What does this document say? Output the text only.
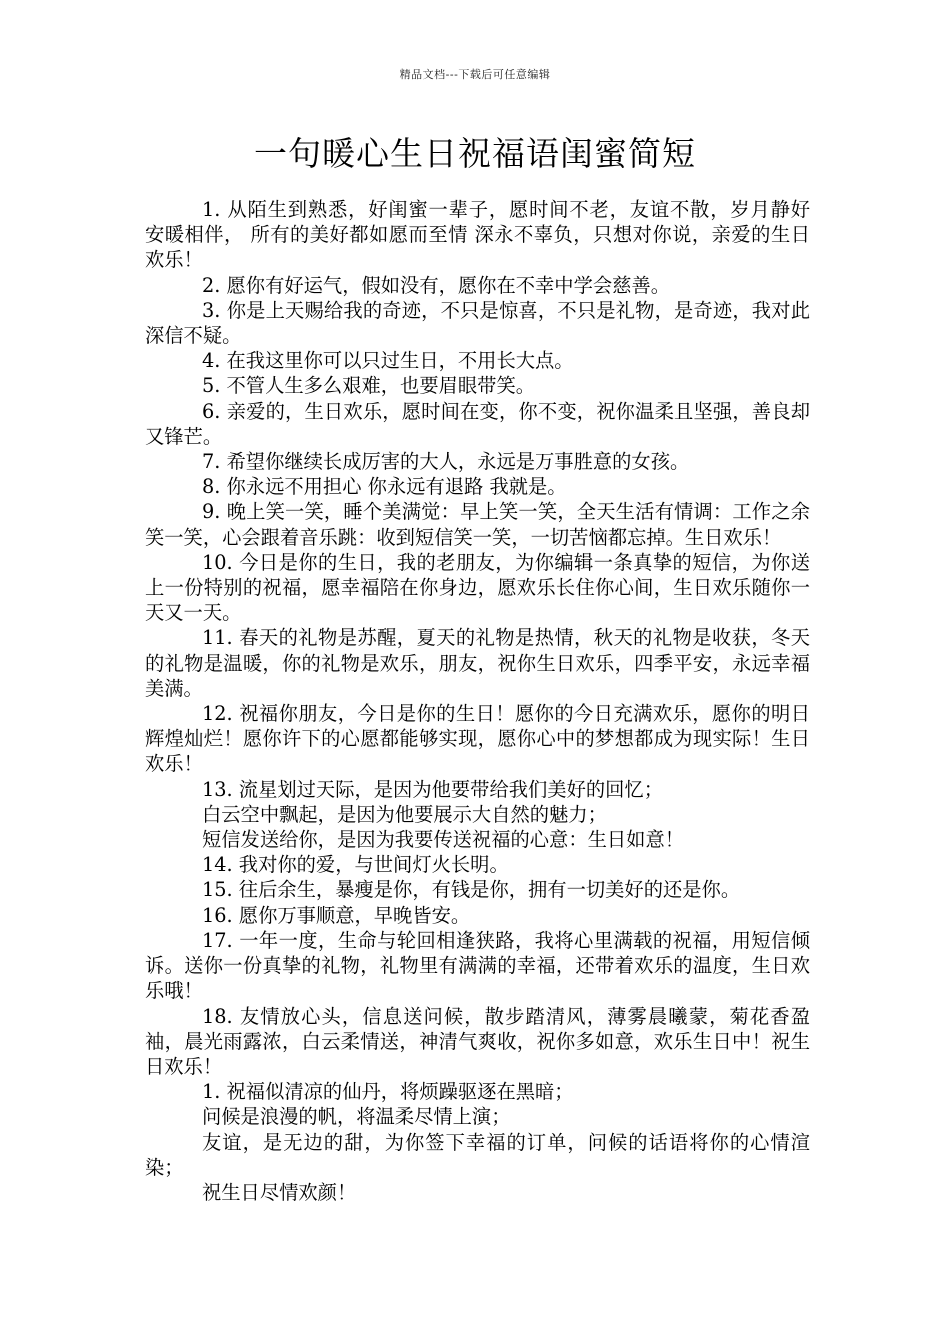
精品文档---下载后可任意编辑
一句暖心生日祝福语闺蜜简短

1. 从陌生到熟悉，好闺蜜一辈子，愿时间不老，友谊不散，岁月静好 安暖相伴， 所有的美好都如愿而至情 深永不辜负，只想对你说，亲爱的生日欢乐！

2. 愿你有好运气，假如没有，愿你在不幸中学会慈善。

3. 你是上天赐给我的奇迹，不只是惊喜，不只是礼物，是奇迹，我对此深信不疑。

4. 在我这里你可以只过生日，不用长大点。

5. 不管人生多么艰难，也要眉眼带笑。

6. 亲爱的，生日欢乐，愿时间在变，你不变，祝你温柔且坚强，善良却又锋芒。

7. 希望你继续长成厉害的大人，永远是万事胜意的女孩。

8. 你永远不用担心 你永远有退路 我就是。

9. 晚上笑一笑，睡个美满觉：早上笑一笑，全天生活有情调：工作之余笑一笑，心会跟着音乐跳：收到短信笑一笑，一切苦恼都忘掉。生日欢乐！

10. 今日是你的生日，我的老朋友，为你编辑一条真挚的短信，为你送上一份特别的祝福，愿幸福陪在你身边，愿欢乐长住你心间，生日欢乐随你一天又一天。

11. 春天的礼物是苏醒，夏天的礼物是热情，秋天的礼物是收获，冬天的礼物是温暖，你的礼物是欢乐，朋友，祝你生日欢乐，四季平安，永远幸福美满。

12. 祝福你朋友，今日是你的生日！愿你的今日充满欢乐，愿你的明日辉煌灿烂！愿你许下的心愿都能够实现，愿你心中的梦想都成为现实际！生日欢乐！

13. 流星划过天际，是因为他要带给我们美好的回忆；

白云空中飘起，是因为他要展示大自然的魅力；

短信发送给你，是因为我要传送祝福的心意：生日如意！

14. 我对你的爱，与世间灯火长明。

15. 往后余生，暴瘦是你，有钱是你，拥有一切美好的还是你。

16. 愿你万事顺意，早晚皆安。

17. 一年一度，生命与轮回相逢狭路，我将心里满载的祝福，用短信倾诉。送你一份真挚的礼物，礼物里有满满的幸福，还带着欢乐的温度，生日欢乐哦！

18. 友情放心头，信息送问候，散步踏清风，薄雾晨曦蒙，菊花香盈袖，晨光雨露浓，白云柔情送，神清气爽收，祝你多如意，欢乐生日中！祝生日欢乐！

1. 祝福似清凉的仙丹，将烦躁驱逐在黑暗；

问候是浪漫的帆，将温柔尽情上演；

友谊，是无边的甜，为你签下幸福的订单，问候的话语将你的心情渲染；

祝生日尽情欢颜！
